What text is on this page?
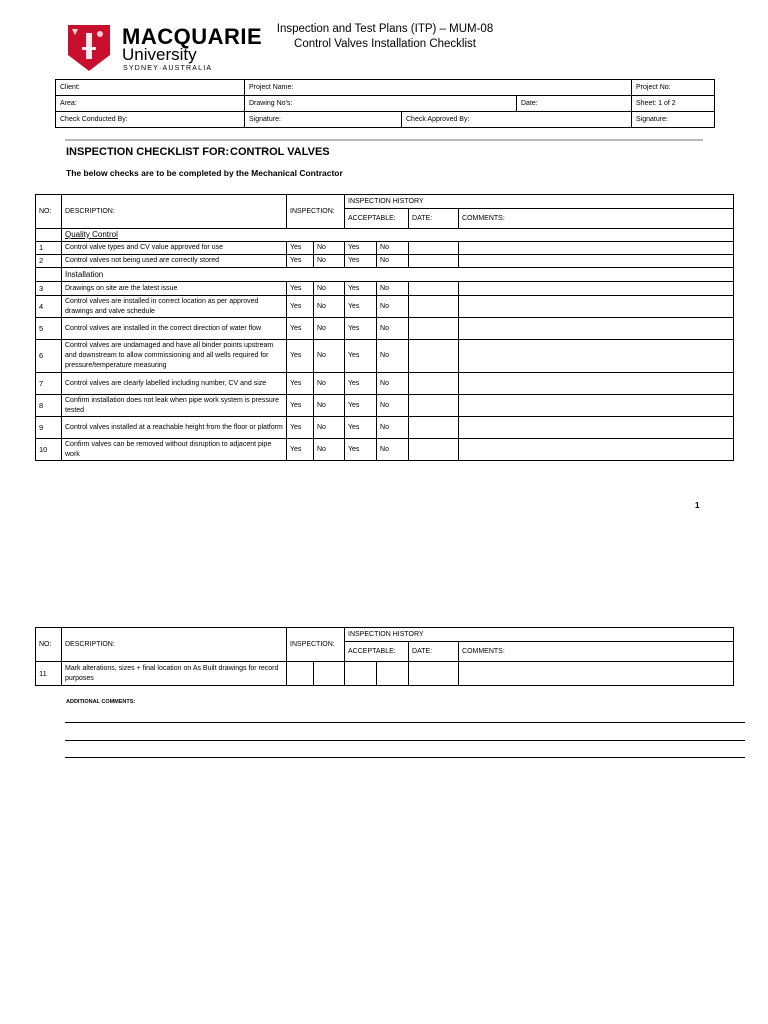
MACQUARIE
University
SYDNEY·AUSTRALIA
Inspection and Test Plans (ITP) – MUM-08
Control Valves Installation Checklist
Client:	Project Name:			Project No:
Area:	Drawing No's:		Date:	Sheet: 1 of 2
Check Conducted By:	Signature:	Check Approved By:		Signature:
INSPECTION CHECKLIST FOR: CONTROL VALVES
The below checks are to be completed by the Mechanical Contractor
NO:	DESCRIPTION:	INSPECTION:		INSPECTION HISTORY			
				ACCEPTABLE:		DATE:	COMMENTS:
	Quality Control						
1	Control valve types and CV value approved for use	Yes	No	Yes	No		
2	Control valves not being used are correctly stored	Yes	No	Yes	No		
	Installation						
3	Drawings on site are the latest issue	Yes	No	Yes	No		
4	Control valves are installed in correct location as per approved drawings and valve schedule	Yes	No	Yes	No		
5	Control valves are installed in the correct direction of water flow	Yes	No	Yes	No		
6	Control valves are undamaged and have all binder points upstream and downstream to allow commissioning and all wells required for pressure/temperature measuring	Yes	No	Yes	No		
7	Control valves are clearly labelled including number, CV and size	Yes	No	Yes	No		
8	Confirm installation does not leak when pipe work system is pressure tested	Yes	No	Yes	No		
9	Control valves installed at a reachable height from the floor or platform	Yes	No	Yes	No		
10	Confirm valves can be removed without disruption to adjacent pipe work	Yes	No	Yes	No		
1
NO:	DESCRIPTION:	INSPECTION:		INSPECTION HISTORY			
				ACCEPTABLE:		DATE:	COMMENTS:
11	Mark alterations, sizes + final location on As Built drawings for record purposes						
ADDITIONAL COMMENTS:
